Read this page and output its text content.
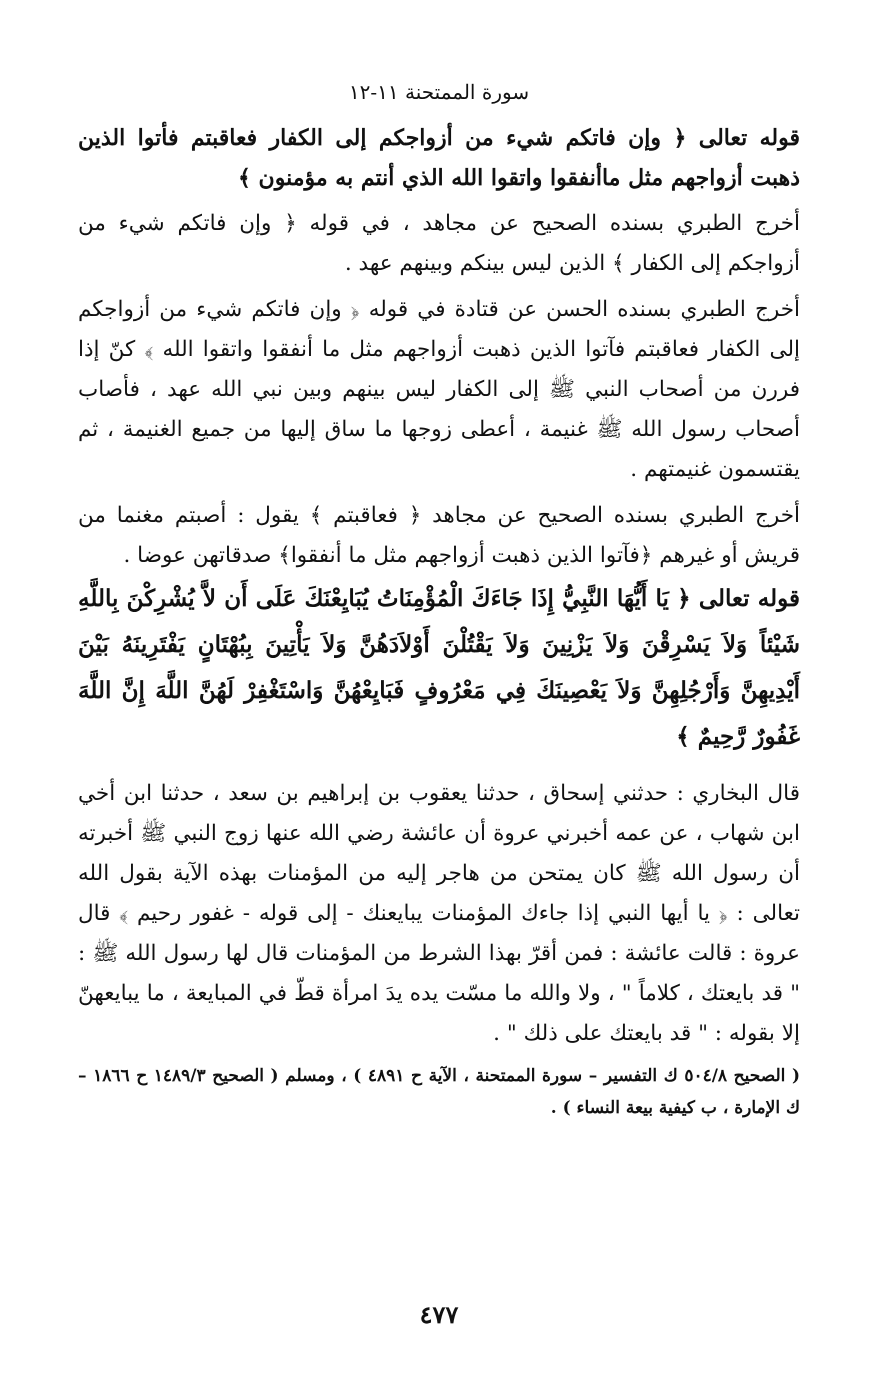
سورة الممتحنة ١١-١٢

قوله تعالى ﴿ وإن فاتكم شيء من أزواجكم إلى الكفار فعاقبتم فأتوا الذين ذهبت أزواجهم مثل ماأنفقوا واتقوا الله الذي أنتم به مؤمنون ﴾

أخرج الطبري بسنده الصحيح عن مجاهد ، في قوله ﴿ وإن فاتكم شيء من أزواجكم إلى الكفار ﴾ الذين ليس بينكم وبينهم عهد .

أخرج الطبري بسنده الحسن عن قتادة في قوله ﴿ وإن فاتكم شيء من أزواجكم إلى الكفار فعاقبتم فآتوا الذين ذهبت أزواجهم مثل ما أنفقوا واتقوا الله ﴾ كنّ إذا فررن من أصحاب النبي ﷺ إلى الكفار ليس بينهم وبين نبي الله عهد ، فأصاب أصحاب رسول الله ﷺ غنيمة ، أعطى زوجها ما ساق إليها من جميع الغنيمة ، ثم يقتسمون غنيمتهم .

أخرج الطبري بسنده الصحيح عن مجاهد ﴿ فعاقبتم ﴾ يقول : أصبتم مغنما من قريش أو غيرهم ﴿فآتوا الذين ذهبت أزواجهم مثل ما أنفقوا﴾ صدقاتهن عوضا .

قوله تعالى ﴿ يَا أَيُّهَا النَّبِيُّ إِذَا جَاءَكَ الْمُؤْمِنَاتُ يُبَايِعْنَكَ عَلَى أَن لاَّ يُشْرِكْنَ بِاللَّهِ شَيْئاً وَلاَ يَسْرِقْنَ وَلاَ يَزْنِينَ وَلاَ يَقْتُلْنَ أَوْلاَدَهُنَّ وَلاَ يَأْتِينَ بِبُهْتَانٍ يَفْتَرِينَهُ بَيْنَ أَيْدِيهِنَّ وَأَرْجُلِهِنَّ وَلاَ يَعْصِينَكَ فِي مَعْرُوفٍ فَبَايِعْهُنَّ وَاسْتَغْفِرْ لَهُنَّ اللَّهَ إِنَّ اللَّهَ غَفُورٌ رَّحِيمٌ ﴾

قال البخاري : حدثني إسحاق ، حدثنا يعقوب بن إبراهيم بن سعد ، حدثنا ابن أخي ابن شهاب ، عن عمه أخبرني عروة أن عائشة رضي الله عنها زوج النبي ﷺ أخبرته أن رسول الله ﷺ كان يمتحن من هاجر إليه من المؤمنات بهذه الآية بقول الله تعالى : ﴿ يا أيها النبي إذا جاءك المؤمنات يبايعنك - إلى قوله - غفور رحيم ﴾ قال عروة : قالت عائشة : فمن أقرّ بهذا الشرط من المؤمنات قال لها رسول الله ﷺ : " قد بايعتك ، كلاماً " ، ولا والله ما مسّت يده يدَ امرأة قطّ في المبايعة ، ما يبايعهنّ إلا بقوله : " قد بايعتك على ذلك " .

( الصحيح ٥٠٤/٨ ك التفسير – سورة الممتحنة ، الآية ح ٤٨٩١ ) ، ومسلم ( الصحيح ١٤٨٩/٣ ح ١٨٦٦ – ك الإمارة ، ب كيفية بيعة النساء ) .

٤٧٧
